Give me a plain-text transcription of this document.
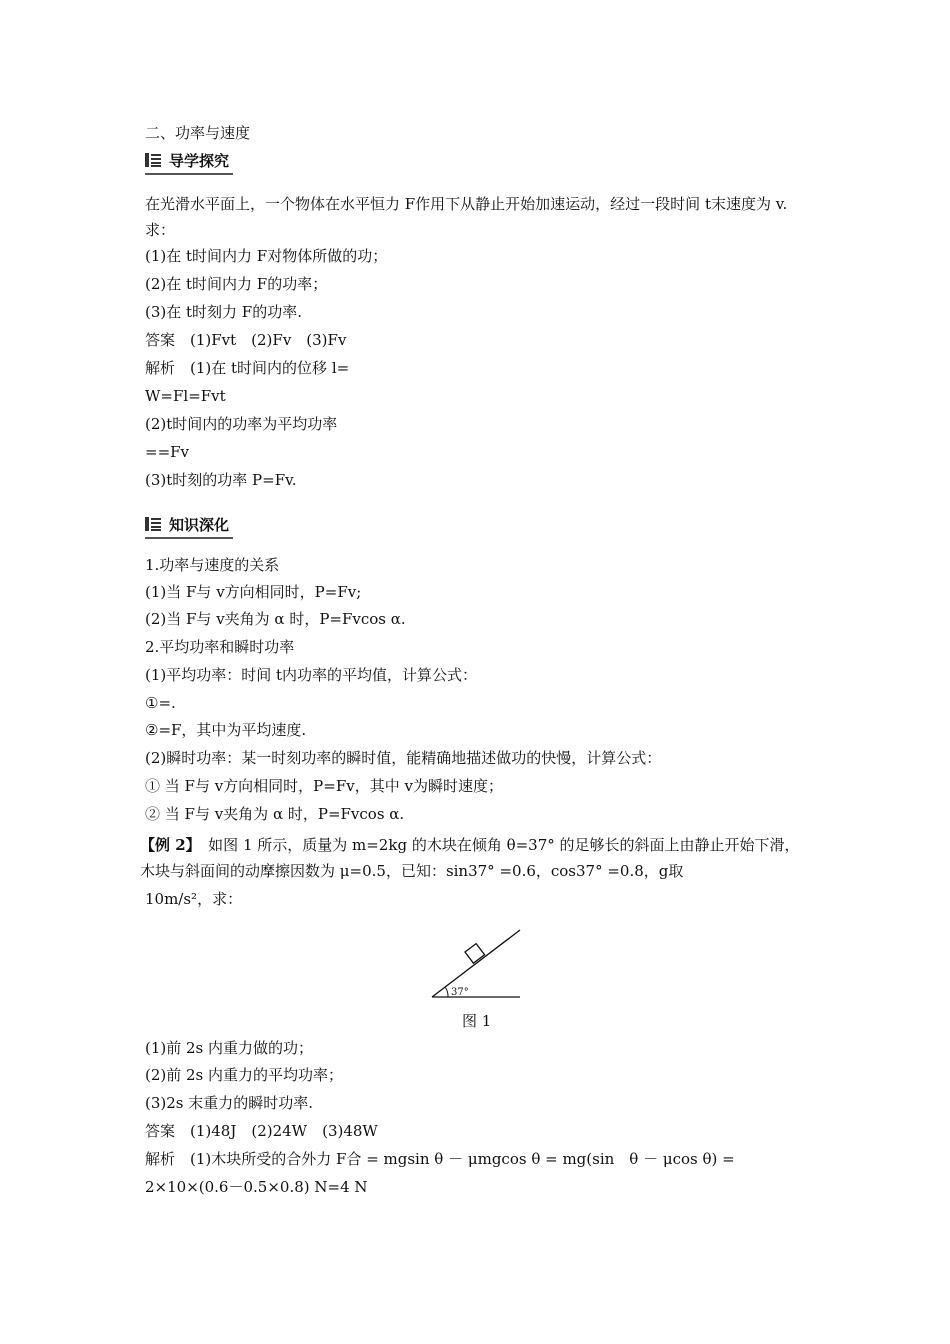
二、功率与速度
导学探究
在光滑水平面上，一个物体在水平恒力 F作用下从静止开始加速运动，经过一段时间 t末速度为 v.求：
(1)在 t时间内力 F对物体所做的功；
(2)在 t时间内力 F的功率；
(3)在 t时刻力 F的功率.
答案　(1)Fvt　(2)Fv　(3)Fv
解析　(1)在 t时间内的位移 l=
W=Fl=Fvt
(2)t时间内的功率为平均功率
==Fv
(3)t时刻的功率 P=Fv.
知识深化
1.功率与速度的关系
(1)当 F与 v方向相同时，P=Fv;
(2)当 F与 v夹角为 α 时，P=Fvcos α.
2.平均功率和瞬时功率
(1)平均功率：时间 t内功率的平均值，计算公式：
①=.
②=F，其中为平均速度.
(2)瞬时功率：某一时刻功率的瞬时值，能精确地描述做功的快慢，计算公式：
① 当 F与 v方向相同时，P=Fv，其中 v为瞬时速度；
② 当 F与 v夹角为 α 时，P=Fvcos α.
【例 2】　如图 1 所示，质量为 m=2kg 的木块在倾角 θ=37° 的足够长的斜面上由静止开始下滑，木块与斜面间的动摩擦因数为 μ=0.5，已知：sin37° =0.6，cos37° =0.8，g取
10m/s²，求：
37°
图 1
(1)前 2s 内重力做的功；
(2)前 2s 内重力的平均功率；
(3)2s 末重力的瞬时功率.
答案　(1)48J　(2)24W　(3)48W
解析　(1)木块所受的合外力 F合 = mgsin θ － μmgcos θ = mg(sin　θ － μcos θ) =
2×10×(0.6－0.5×0.8) N=4 N
